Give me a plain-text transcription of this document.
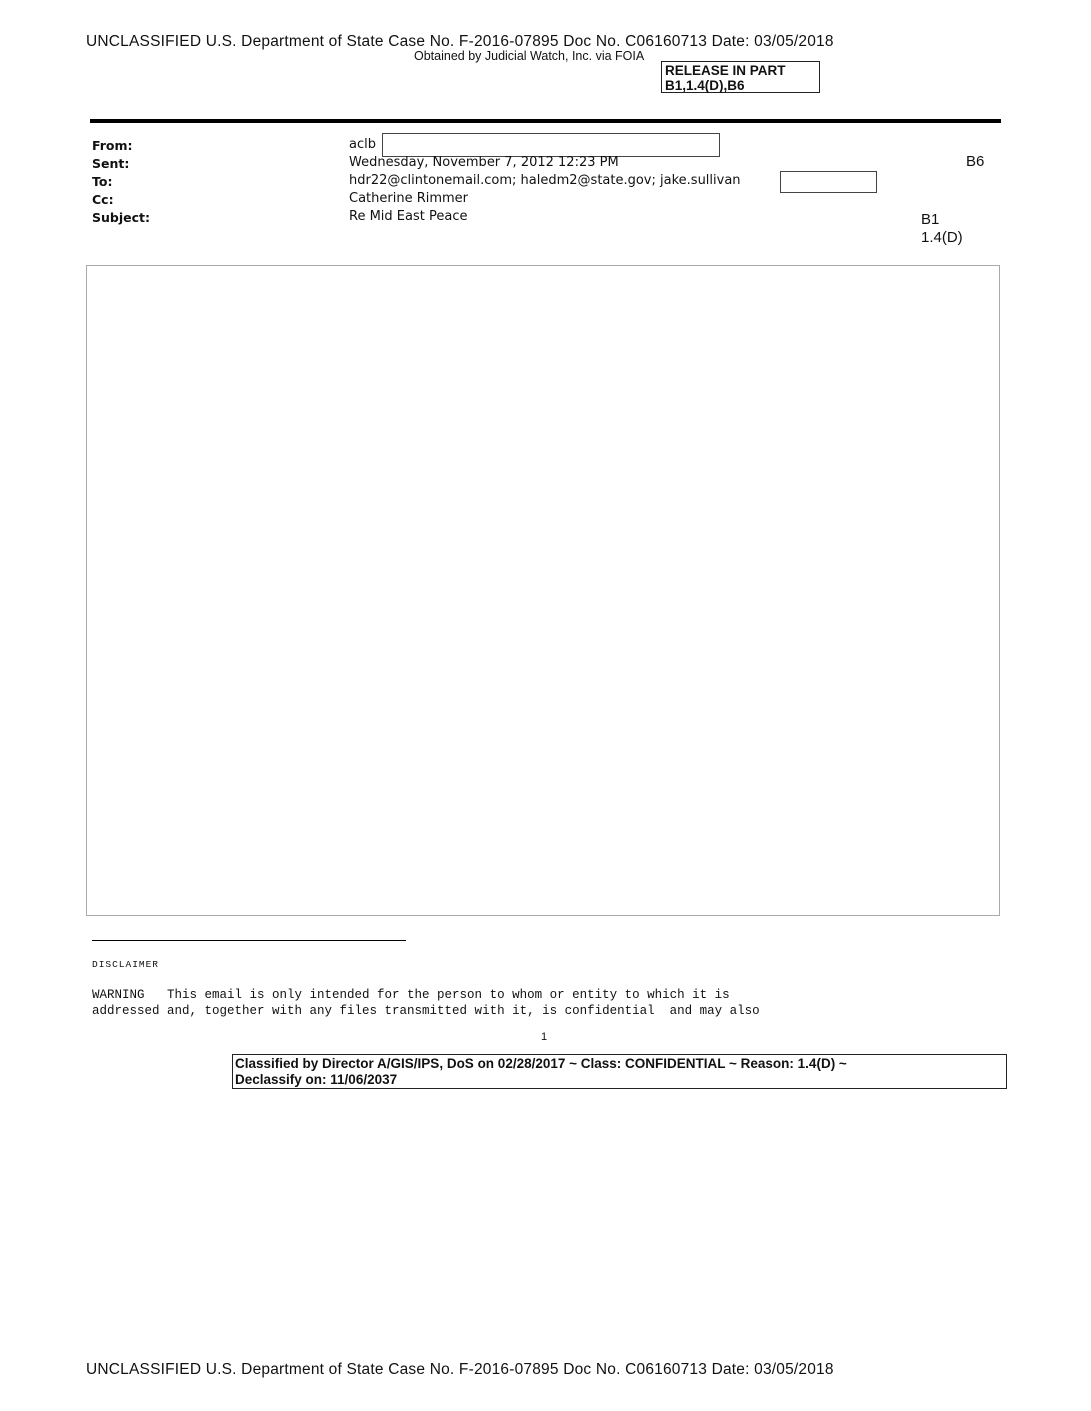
UNCLASSIFIED U.S. Department of State Case No. F-2016-07895 Doc No. C06160713 Date: 03/05/2018
Obtained by Judicial Watch, Inc. via FOIA
RELEASE IN PART
B1,1.4(D),B6
From:	aclb
Sent:	Wednesday, November 7, 2012 12:23 PM
To:	hdr22@clintonemail.com; haledm2@state.gov; jake.sullivan
Cc:	Catherine Rimmer
Subject:	Re Mid East Peace
B6
B1
1.4(D)
DISCLAIMER
WARNING   This email is only intended for the person to whom or entity to which it is
addressed and, together with any files transmitted with it, is confidential  and may also
1
Classified by Director A/GIS/IPS, DoS on 02/28/2017 ~ Class: CONFIDENTIAL ~ Reason: 1.4(D) ~
Declassify on: 11/06/2037
UNCLASSIFIED U.S. Department of State Case No. F-2016-07895 Doc No. C06160713 Date: 03/05/2018
